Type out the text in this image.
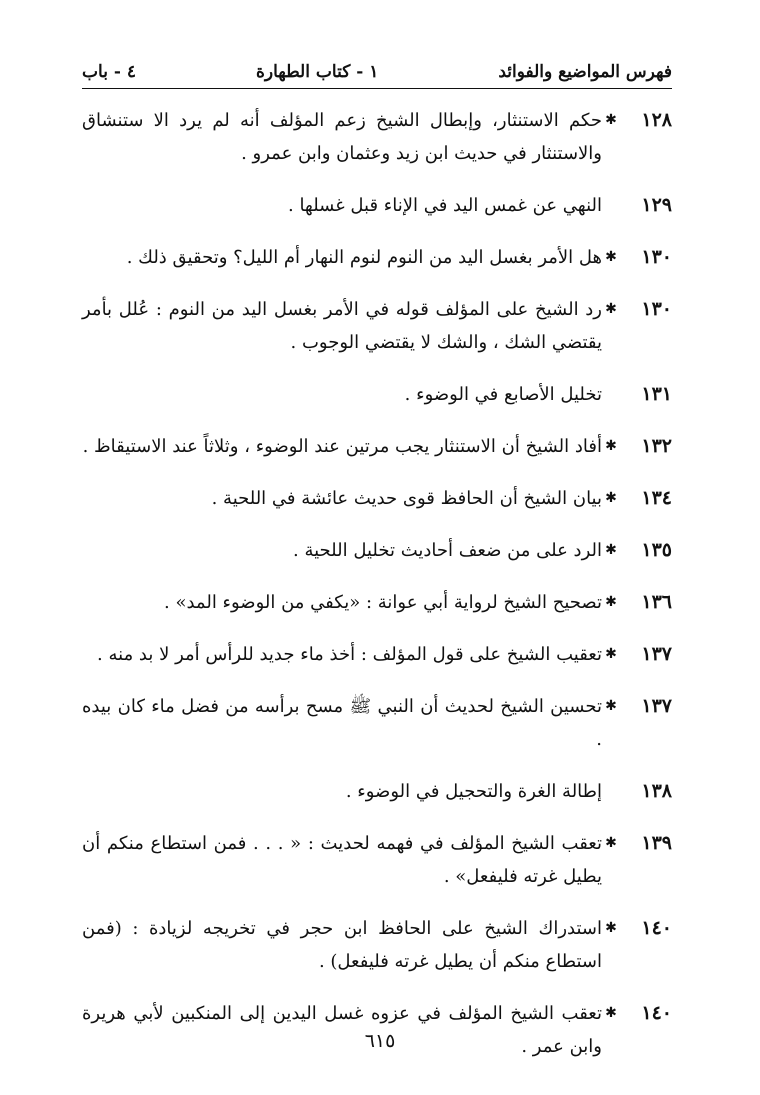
فهرس المواضيع والفوائد
١ - كتاب الطهارة
٤ - باب
١٢٨
✱
حكم الاستنثار، وإبطال الشيخ زعم المؤلف أنه لم يرد الا ستنشاق والاستنثار في حديث ابن زيد وعثمان وابن عمرو .
١٢٩
النهي عن غمس اليد في الإناء قبل غسلها .
١٣٠
✱
هل الأمر بغسل اليد من النوم لنوم النهار أم الليل؟ وتحقيق ذلك .
١٣٠
✱
رد الشيخ على المؤلف قوله في الأمر بغسل اليد من النوم : عُلل بأمر يقتضي الشك ، والشك لا يقتضي الوجوب .
١٣١
تخليل الأصابع في الوضوء .
١٣٢
✱
أفاد الشيخ أن الاستنثار يجب مرتين عند الوضوء ، وثلاثاً عند الاستيقاظ .
١٣٤
✱
بيان الشيخ أن الحافظ قوى حديث عائشة في اللحية .
١٣٥
✱
الرد على من ضعف أحاديث تخليل اللحية .
١٣٦
✱
تصحيح الشيخ لرواية أبي عوانة : «يكفي من الوضوء المد» .
١٣٧
✱
تعقيب الشيخ على قول المؤلف : أخذ ماء جديد للرأس أمر لا بد منه .
١٣٧
✱
تحسين الشيخ لحديث أن النبي ﷺ مسح برأسه من فضل ماء كان بيده .
١٣٨
إطالة الغرة والتحجيل في الوضوء .
١٣٩
✱
تعقب الشيخ المؤلف في فهمه لحديث : « . . . فمن استطاع منكم أن يطيل غرته فليفعل» .
١٤٠
✱
استدراك الشيخ على الحافظ ابن حجر في تخريجه لزيادة : (فمن استطاع منكم أن يطيل غرته فليفعل) .
١٤٠
✱
تعقب الشيخ المؤلف في عزوه غسل اليدين إلى المنكبين لأبي هريرة وابن عمر .
٦١٥
